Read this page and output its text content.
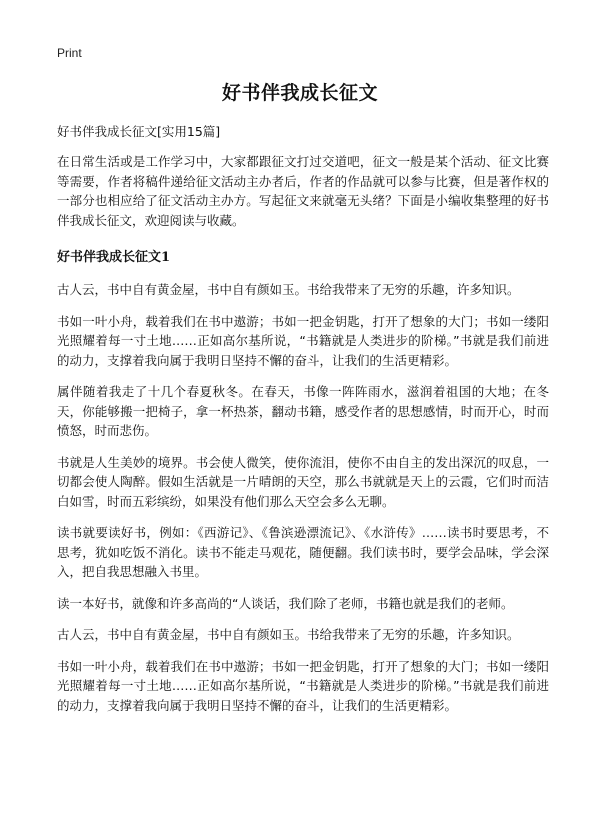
Print
好书伴我成长征文

好书伴我成长征文[实用15篇]

在日常生活或是工作学习中，大家都跟征文打过交道吧，征文一般是某个活动、征文比赛等需要，作者将稿件递给征文活动主办者后，作者的作品就可以参与比赛，但是著作权的一部分也相应给了征文活动主办方。写起征文来就毫无头绪？下面是小编收集整理的好书伴我成长征文，欢迎阅读与收藏。

好书伴我成长征文1

古人云，书中自有黄金屋，书中自有颜如玉。书给我带来了无穷的乐趣，许多知识。

书如一叶小舟，载着我们在书中遨游；书如一把金钥匙，打开了想象的大门；书如一缕阳光照耀着每一寸土地……正如高尔基所说，“书籍就是人类进步的阶梯。”书就是我们前进的动力，支撑着我向属于我明日坚持不懈的奋斗，让我们的生活更精彩。

属伴随着我走了十几个春夏秋冬。在春天，书像一阵阵雨水，滋润着祖国的大地；在冬天，你能够搬一把椅子，拿一杯热茶，翻动书籍，感受作者的思想感情，时而开心，时而愤怒，时而悲伤。

书就是人生美妙的境界。书会使人微笑，使你流泪，使你不由自主的发出深沉的叹息，一切都会使人陶醉。假如生活就是一片晴朗的天空，那么书就就是天上的云霞，它们时而洁白如雪，时而五彩缤纷，如果没有他们那么天空会多么无聊。

读书就要读好书，例如：《西游记》、《鲁滨逊漂流记》、《水浒传》……读书时要思考，不思考，犹如吃饭不消化。读书不能走马观花，随便翻。我们读书时，要学会品味，学会深入，把自我思想融入书里。

读一本好书，就像和许多高尚的“人谈话，我们除了老师，书籍也就是我们的老师。

古人云，书中自有黄金屋，书中自有颜如玉。书给我带来了无穷的乐趣，许多知识。

书如一叶小舟，载着我们在书中遨游；书如一把金钥匙，打开了想象的大门；书如一缕阳光照耀着每一寸土地……正如高尔基所说，“书籍就是人类进步的阶梯。”书就是我们前进的动力，支撑着我向属于我明日坚持不懈的奋斗，让我们的生活更精彩。
